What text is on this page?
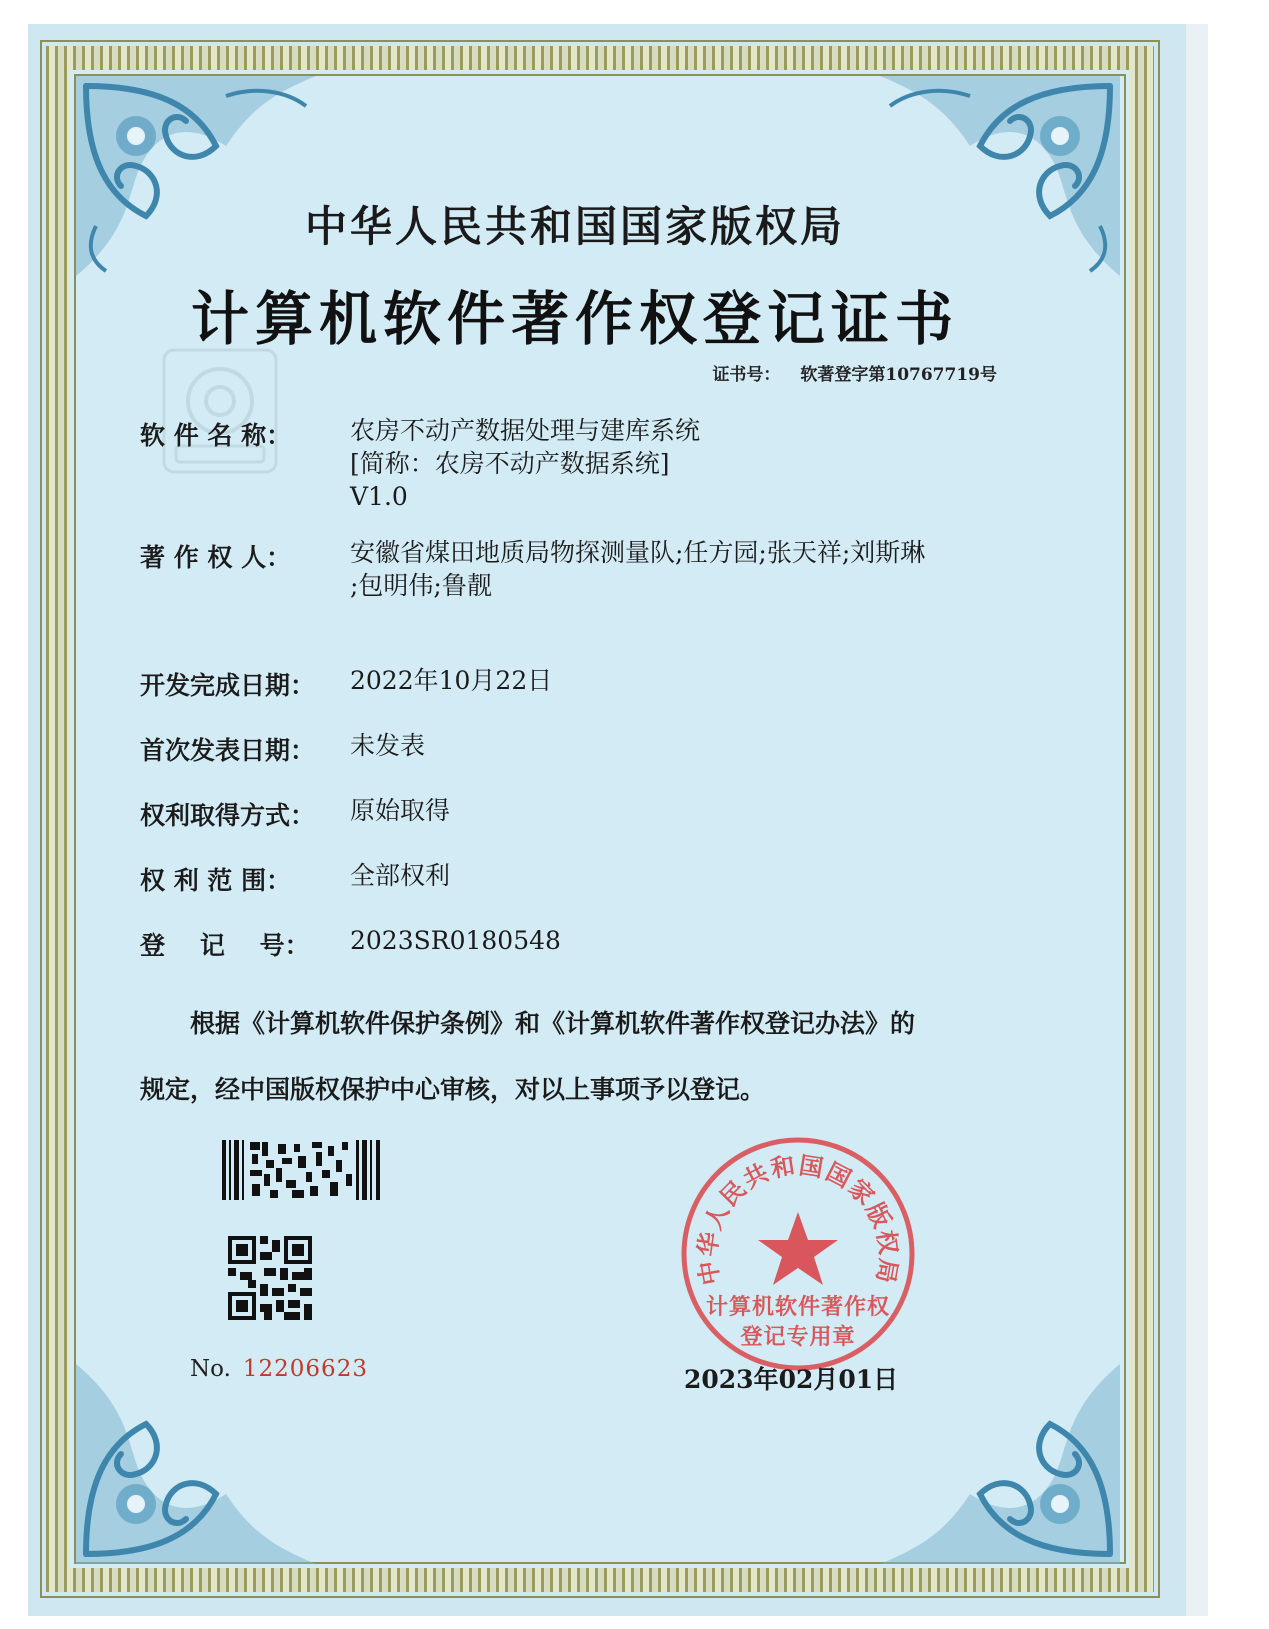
中华人民共和国国家版权局
计算机软件著作权登记证书
证书号： 软著登字第10767719号
软 件 名 称： 农房不动产数据处理与建库系统
[简称：农房不动产数据系统]
V1.0
著 作 权 人： 安徽省煤田地质局物探测量队;任方园;张天祥;刘斯琳
;包明伟;鲁靓
开发完成日期： 2022年10月22日
首次发表日期： 未发表
权利取得方式： 原始取得
权 利 范 围： 全部权利
登    记    号： 2023SR0180548
根据《计算机软件保护条例》和《计算机软件著作权登记办法》的
规定，经中国版权保护中心审核，对以上事项予以登记。
No. 12206623
中华人民共和国国家版权局
计算机软件著作权
登记专用章
2023年02月01日
